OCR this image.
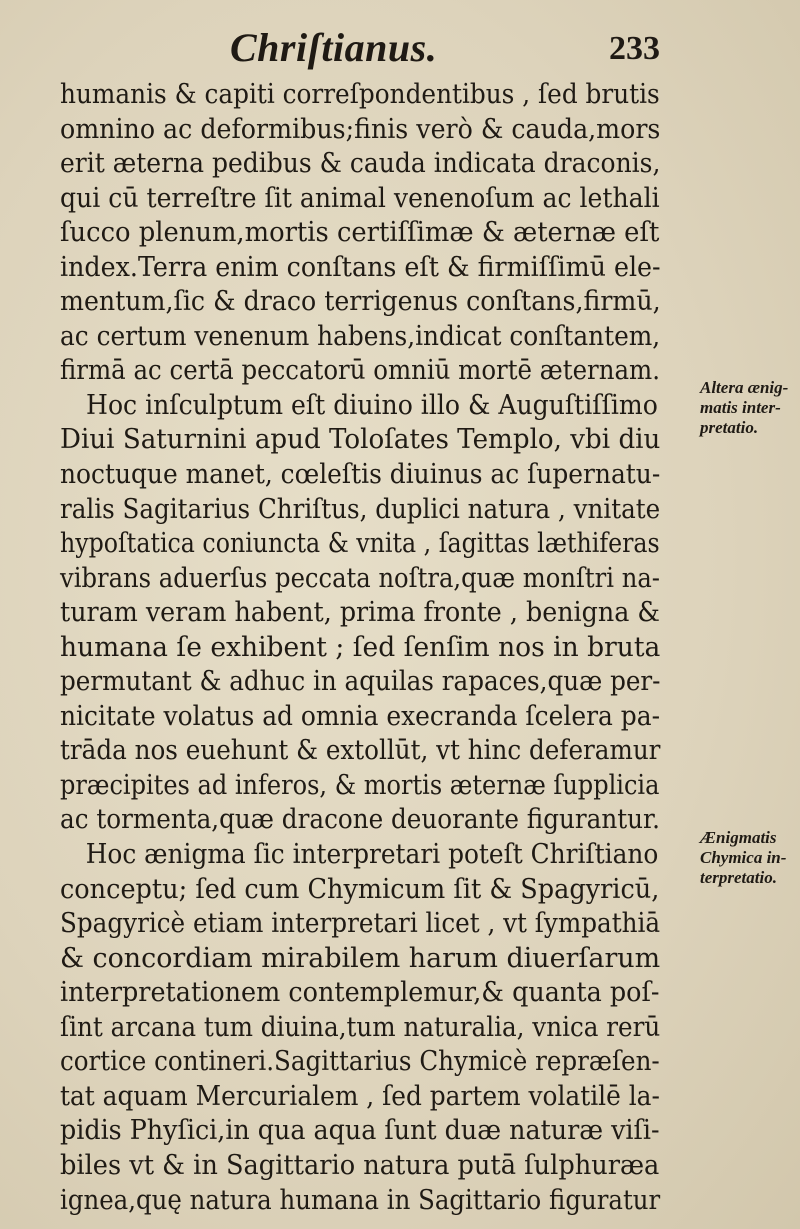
Chriſtianus.	233
humanis & capiti correſpondentibus , ſed brutis
omnino ac deformibus;finis verò & cauda,mors
erit æterna pedibus & cauda indicata draconis,
qui cū terreſtre ſit animal venenoſum ac lethali
ſucco plenum,mortis certiſſimæ & æternæ eſt
index.Terra enim conſtans eſt & firmiſſimū ele-
mentum,ſic & draco terrigenus conſtans,firmū,
ac certum venenum habens,indicat conſtantem,
firmā ac certā peccatorū omniū mortē æternam.
Hoc inſculptum eſt diuino illo & Auguſtiſſimo
Diui Saturnini apud Toloſates Templo, vbi diu
noctuque manet, cœleſtis diuinus ac ſupernatu-
ralis Sagitarius Chriſtus, duplici natura , vnitate
hypoſtatica coniuncta & vnita , ſagittas læthiferas
vibrans aduerſus peccata noſtra,quæ monſtri na-
turam veram habent, prima fronte , benigna &
humana ſe exhibent ; ſed ſenſim nos in bruta
permutant & adhuc in aquilas rapaces,quæ per-
nicitate volatus ad omnia execranda ſcelera pa-
trāda nos euehunt & extollūt, vt hinc deferamur
præcipites ad inferos, & mortis æternæ ſupplicia
ac tormenta,quæ dracone deuorante figurantur.
Hoc ænigma ſic interpretari poteſt Chriſtiano
conceptu; ſed cum Chymicum ſit & Spagyricū,
Spagyricè etiam interpretari licet , vt ſympathiā
& concordiam mirabilem harum diuerſarum
interpretationem contemplemur,& quanta poſ-
ſint arcana tum diuina,tum naturalia, vnica rerū
cortice contineri.Sagittarius Chymicè repræſen-
tat aquam Mercurialem , ſed partem volatilē la-
pidis Phyſici,in qua aqua ſunt duæ naturæ viſi-
biles vt & in Sagittario natura putā ſulphuræa
ignea,quę natura humana in Sagittario figuratur
Altera ænig-
matis inter-
pretatio.
Ænigmatis
Chymica in-
terpretatio.
